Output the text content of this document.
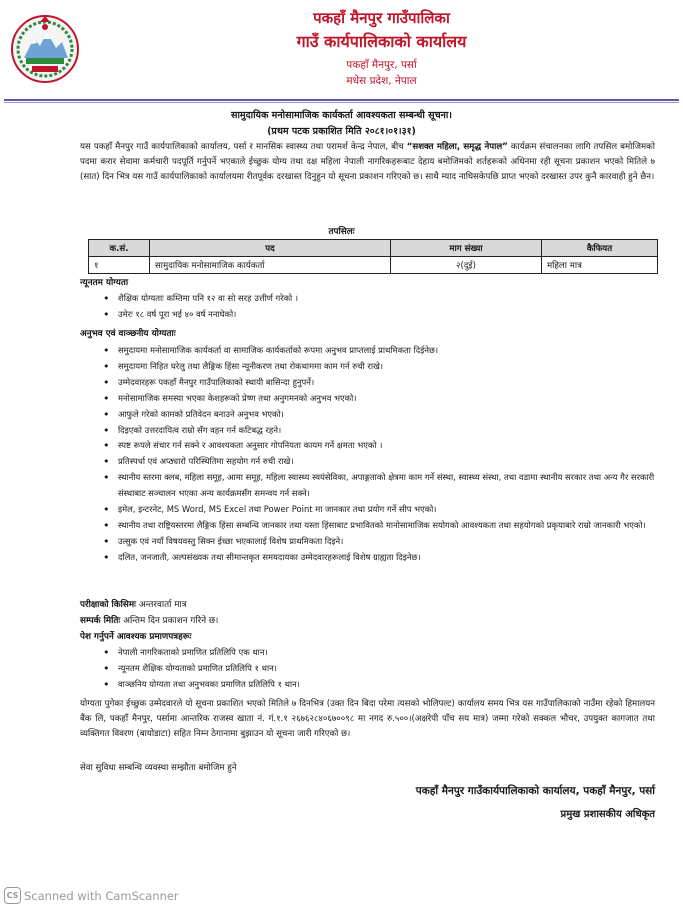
पकहाँ मैनपुर गाउँपालिका
गाउँ कार्यपालिकाको कार्यालय
पकहाँ मैनपुर, पर्सा
मधेस प्रदेश, नेपाल
सामुदायिक मनोसामाजिक कार्यकर्ता आवश्यकता सम्बन्धी सूचना।
(प्रथम पटक प्रकाशित मिति २०८१।०१।३१)
यस पकहाँ मैनपुर गाउँ कार्यपालिकाको कार्यालय, पर्सा र मानसिक स्वास्थ्य तथा परामर्श केन्द्र नेपाल, बीच “सशक्त महिला, समृद्ध नेपाल” कार्यक्रम संचालनका लागि तपसिल बमोजिमको पदमा करार सेवामा कर्मचारी पदपूर्ति गर्नुपर्ने भएकाले ईच्छुक योग्य तथा दक्ष महिला नेपाली नागरिकहरूबाट देहाय बमोजिमको शर्तहरूको अधिनमा रही सूचना प्रकाशन भएको मितिले ७ (सात) दिन भित्र यस गाउँ कार्यपालिकाको कार्यालयमा रीतपूर्वक दरखास्त दिनुहुन यो सूचना प्रकाशन गरिएको छ। साथै म्याद नाघिसकेपछि प्राप्त भएको दरखास्त उपर कुनै कारवाही हुने छैन।
तपसिलः
क.सं.	पद	माग संख्या	कैफियत
१	सामुदायिक मनोसामाजिक कार्यकर्ता	२(दुई)	महिला मात्र
न्यूनतम योग्यता
• शैक्षिक योग्यताः कम्तिमा पनि १२ वा सो सरह उत्तीर्ण गरेको ।
• उमेरः १८ वर्ष पूरा भई ४० वर्ष ननाघेको।
अनुभव एवं वाञ्छनीय योग्यताः
• समुदायमा मनोसामाजिक कार्यकर्ता वा सामाजिक कार्यकर्ताको रूपमा अनुभव प्राप्तलाई प्राथमिकता दिईनेछ।
• समुदायमा निहित घरेलु तथा लैङ्गिक हिंसा न्यूनीकरण तथा रोकथाममा काम गर्न रुची राखे।
• उम्मेदवारहरू पकहाँ मैनपुर गाउँपालिकाको स्थायी बासिन्दा हुनुपर्ने।
• मनोसामाजिक समस्या भएका केशहरूको प्रेष्ण तथा अनुगमनको अनुभव भएको।
• आफुले गरेको कामको प्रतिवेदन बनाउने अनुभव भएको।
• दिइएको उत्तरदायित्व राम्रो सँग वहन गर्न कटिबद्ध रहने।
• स्पष्ट रूपले संचार गर्न सक्ने र आवश्यकता अनुसार गोपनियता कायम गर्ने क्षमता भएको ।
• प्रतिस्पर्धा एवं अप्ठ्यारो परिस्थितिमा सहयोग गर्न रुची राखे।
• स्थानीय स्तरमा क्लब, महिला समूह, आमा समूह, महिला स्वास्थ्य स्वयंसेविका, अपाङ्गताको क्षेत्रमा काम गर्ने संस्था, स्वास्थ्य संस्था, तथा वडामा स्थानीय सरकार तथा अन्य गैर सरकारी संस्थाबाट सञ्चालन भएका अन्य कार्यक्रमसँग समन्वय गर्न सक्ने।
• इमेल, इन्टरनेट, MS Word, MS Excel तथा Power Point मा जानकार तथा प्रयोग गर्ने सीप भएको।
• स्थानीय तथा राष्ट्रियस्तरमा लैङ्गिक हिंसा सम्बन्धि जानकार तथा यस्ता हिंसाबाट प्रभावितको मानोसामाजिक सयोगको आवश्यकता तथा सहयोगको प्रकृयाबारे राम्रो जानकारी भएको।
• उत्सुक एवं नयाँ विषयवस्तु सिक्न ईच्छा भएकालाई विशेष प्राथमिकता दिइने।
• दलित, जनजाती, अल्पसंख्यक तथा सीमान्तकृत समयदायका उम्मेदवारहरूलाई विशेष ग्राह्यता दिइनेछ।
परीक्षाको किसिमः अन्तरवार्ता मात्र
सम्पर्क मितिः अन्तिम दिन प्रकाशन गरिने छ।
पेश गर्नुपर्ने आवश्यक प्रमाणपत्रहरूः
• नेपाली नागरिकताको प्रमाणित प्रतिलिपि एक थान।
• न्यूनतम शैक्षिक योग्यताको प्रमाणित प्रतिलिपि १ थान।
• वाञ्छनिय योग्यता तथा अनुभवका प्रमाणित प्रतिलिपि १ थान।
योग्यता पुगेका ईच्छुक उम्मेदवारले यो सूचना प्रकाशित भएको मितिले ७ दिनभित्र (उक्त दिन बिदा परेमा त्यसको भोलिपल्ट) कार्यालय समय भित्र यस गाउँपालिकाको नाउँमा रहेको हिमालयन बैंक लि, पकहाँ मैनपुर, पर्सामा आन्तरिक राजस्व खाता नं. गं.१.१ २६७६२८४०६७००९८ मा नगद रु.५००।(अक्षरेपी पाँच सय मात्र) जम्मा गरेको सक्कल भौचर, उपयुक्त कागजात तथा व्यक्तिगत विवरण (बायोडाटा) सहित निम्न ठेगानामा बुझाउन यो सूचना जारी गरिएको छ।
सेवा सुविधा सम्बन्धि व्यवस्था सम्झौता बमोजिम हुने
पकहाँ मैनपुर गाउँकार्यपालिकाको कार्यालय, पकहाँ मैनपुर, पर्सा
प्रमुख प्रशासकीय अधिकृत
CS Scanned with CamScanner
